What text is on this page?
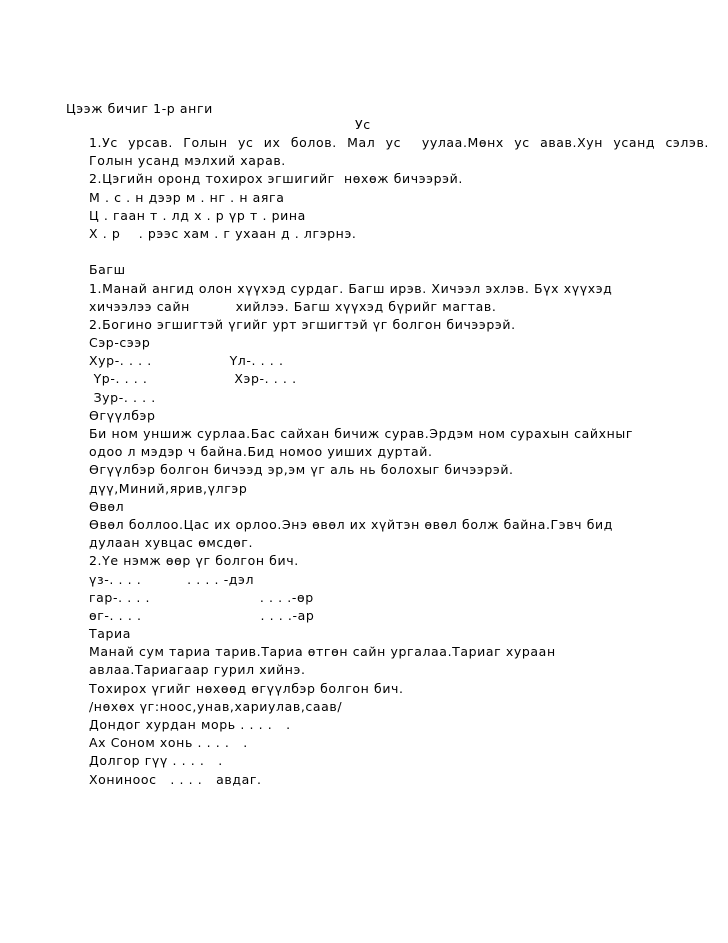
Цээж бичиг 1-р анги
Ус
1.Ус урсав. Голын ус их болов. Мал ус  уулаа.Мөнх ус авав.Хун усанд сэлэв.
Голын усанд мэлхий харав.
2.Цэгийн оронд тохирох эгшигийг  нөхөж бичээрэй.
М . с . н дээр м . нг . н аяга
Ц . гаан т . лд х . р үр т . рина
Х . р    . рээс хам . г ухаан д . лгэрнэ.
Багш
1.Манай ангид олон хүүхэд сурдаг. Багш ирэв. Хичээл эхлэв. Бүх хүүхэд
хичээлээ сайн          хийлээ. Багш хүүхэд бүрийг магтав.
2.Богино эгшигтэй үгийг урт эгшигтэй үг болгон бичээрэй.
Сэр-сээр
Хур-. . . .                 Үл-. . . .
Үр-. . . .                   Хэр-. . . .
Зур-. . . .
Өгүүлбэр
Би ном уншиж сурлаа.Бас сайхан бичиж сурав.Эрдэм ном сурахын сайхныг
одоо л мэдэр ч байна.Бид номоо уиших дуртай.
Өгүүлбэр болгон бичээд эр,эм үг аль нь болохыг бичээрэй.
дүү,Миний,ярив,үлгэр
Өвөл
Өвөл боллоо.Цас их орлоо.Энэ өвөл их хүйтэн өвөл болж байна.Гэвч бид
дулаан хувцас өмсдөг.
2.Үе нэмж өөр үг болгон бич.
үз-. . . .          . . . . -дэл
гар-. . . .                        . . . .-өр
өг-. . . .                          . . . .-ар
Тариа
Манай сум тариа тарив.Тариа өтгөн сайн ургалаа.Тариаг хураан
авлаа.Тариагаар гурил хийнэ.
Тохирох үгийг нөхөөд өгүүлбэр болгон бич.
/нөхөх үг:ноос,унав,хариулав,саав/
Дондог хурдан морь . . . .   .
Ах Соном хонь . . . .   .
Долгор гүү . . . .   .
Хониноос   . . . .   авдаг.
